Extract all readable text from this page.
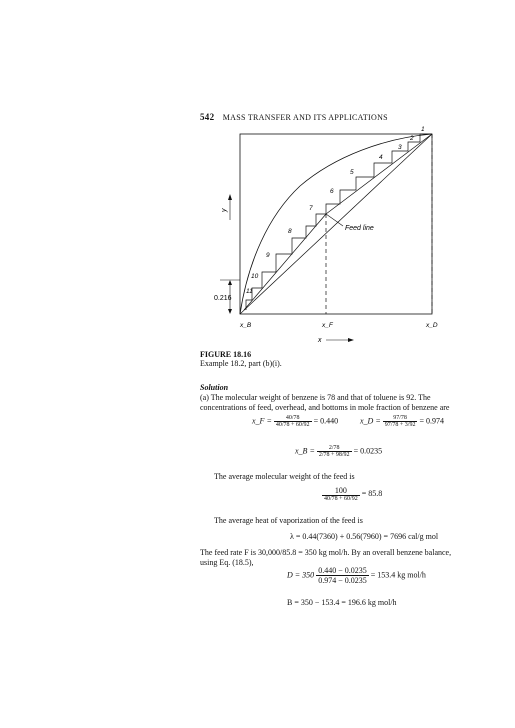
542 MASS TRANSFER AND ITS APPLICATIONS
y
x
0.216
x_B	x_F	x_D
Feed line
1
2
3
4
5
6
7
8
9
10
11
FIGURE 18.16
Example 18.2, part (b)(i).
Solution

(a) The molecular weight of benzene is 78 and that of toluene is 92. The concentrations of feed, overhead, and bottoms in mole fraction of benzene are

x_F = $\frac{40/78}{40/78 + 60/92} = 0.440$	x_D = $\frac{97/78}{97/78 + 3/92} = 0.974$
x_B = $\frac{2/78}{2/78 + 98/92} = 0.0235$
The average molecular weight of the feed is
$\frac{100}{40/78 + 60/92} = 85.8$
The average heat of vaporization of the feed is
λ = 0.44(7360) + 0.56(7960) = 7696 cal/g mol

The feed rate F is 30,000/85.8 = 350 kg mol/h. By an overall benzene balance, using Eq. (18.5),

$D = 350 \frac{0.440 - 0.0235}{0.974 - 0.0235} = 153.4$ kg mol/h
B = 350 − 153.4 = 196.6 kg mol/h
